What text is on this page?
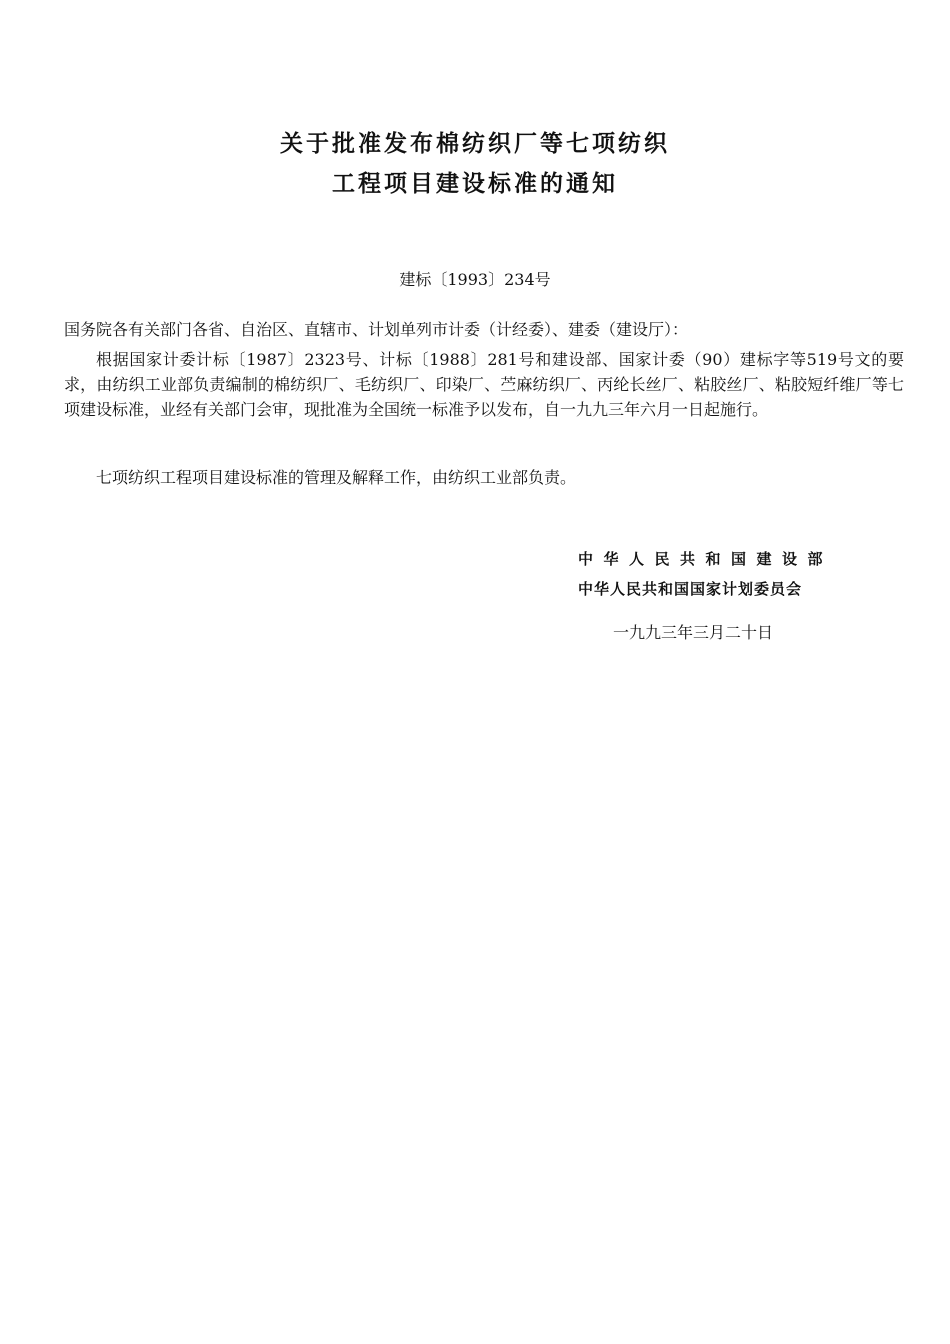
关于批准发布棉纺织厂等七项纺织
工程项目建设标准的通知
建标〔1993〕234号
国务院各有关部门各省、自治区、直辖市、计划单列市计委（计经委）、建委（建设厅）：
根据国家计委计标〔1987〕2323号、计标〔1988〕281号和建设部、国家计委（90）建标字等519号文的要求，由纺织工业部负责编制的棉纺织厂、毛纺织厂、印染厂、苎麻纺织厂、丙纶长丝厂、粘胶丝厂、粘胶短纤维厂等七项建设标准，业经有关部门会审，现批准为全国统一标准予以发布，自一九九三年六月一日起施行。
七项纺织工程项目建设标准的管理及解释工作，由纺织工业部负责。
中华人民共和国建设部
中华人民共和国国家计划委员会
一九九三年三月二十日
